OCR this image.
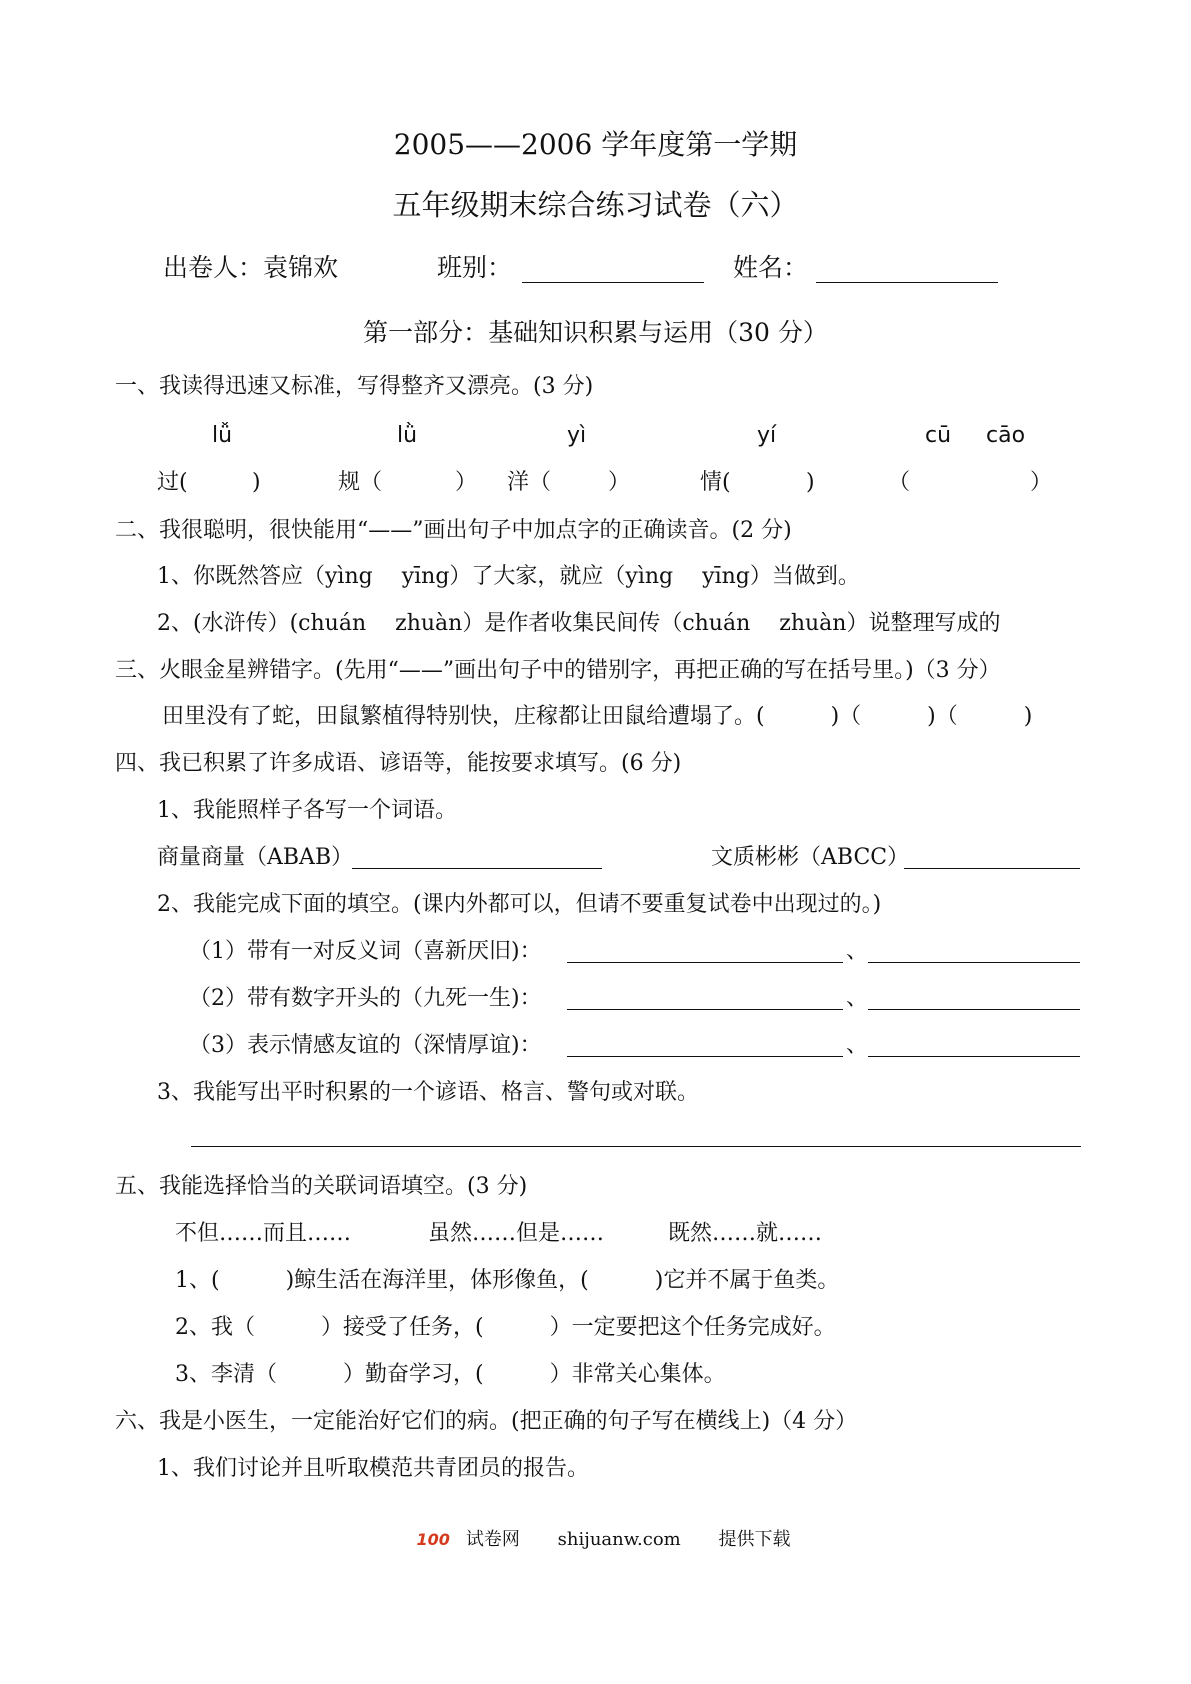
2005——2006 学年度第一学期
五年级期末综合练习试卷（六）
出卷人：袁锦欢	班别：	姓名：
第一部分：基础知识积累与运用（30 分）
一、我读得迅速又标准，写得整齐又漂亮。(3 分)
lǚ	lǜ	yì	yí	cū cāo
过(	)	规（	） 洋（	）	情(	)	（	）
二、我很聪明，很快能用“——”画出句子中加点字的正确读音。(2 分)
1、你既然答应（yìng　 yīng）了大家，就应（yìng　 yīng）当做到。
2、(水浒传）(chuán　 zhuàn）是作者收集民间传（chuán　 zhuàn）说整理写成的
三、火眼金星辨错字。(先用“——”画出句子中的错别字，再把正确的写在括号里。)（3 分）
田里没有了蛇，田鼠繁植得特别快，庄稼都让田鼠给遭塌了。(　　　)（　　　)（　　　)
四、我已积累了许多成语、谚语等，能按要求填写。(6 分)
1、我能照样子各写一个词语。
商量商量（ABAB）	文质彬彬（ABCC）
2、我能完成下面的填空。(课内外都可以，但请不要重复试卷中出现过的。)
（1）带有一对反义词（喜新厌旧)：	、
（2）带有数字开头的（九死一生)：	、
（3）表示情感友谊的（深情厚谊)：	、
3、我能写出平时积累的一个谚语、格言、警句或对联。
五、我能选择恰当的关联词语填空。(3 分)
不但……而且……	虽然……但是……	既然……就……
1、(　　　)鲸生活在海洋里，体形像鱼，(　　　)它并不属于鱼类。
2、我（　　　）接受了任务，(　　　）一定要把这个任务完成好。
3、李清（　　　）勤奋学习，(　　　）非常关心集体。
六、我是小医生，一定能治好它们的病。(把正确的句子写在横线上)（4 分）
1、我们讨论并且听取模范共青团员的报告。
100 试卷网 shijuanw.com 提供下载
